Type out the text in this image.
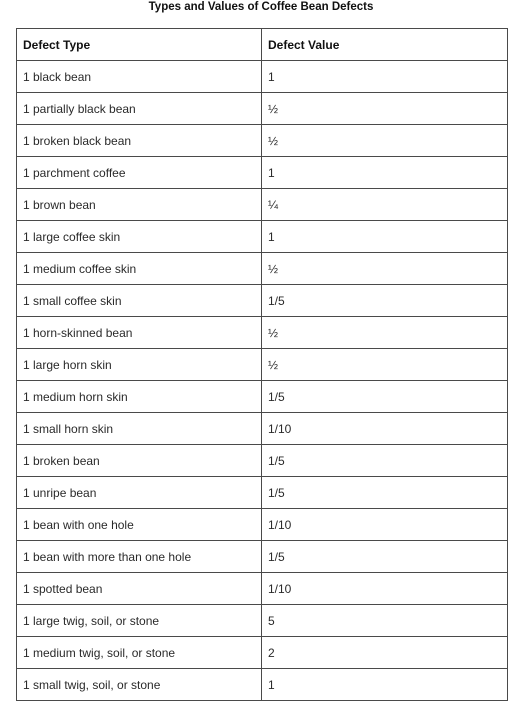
Types and Values of Coffee Bean Defects
Defect Type	Defect Value
1 black bean	1
1 partially black bean	½
1 broken black bean	½
1 parchment coffee	1
1 brown bean	¼
1 large coffee skin	1
1 medium coffee skin	½
1 small coffee skin	1/5
1 horn-skinned bean	½
1 large horn skin	½
1 medium horn skin	1/5
1 small horn skin	1/10
1 broken bean	1/5
1 unripe bean	1/5
1 bean with one hole	1/10
1 bean with more than one hole	1/5
1 spotted bean	1/10
1 large twig, soil, or stone	5
1 medium twig, soil, or stone	2
1 small twig, soil, or stone	1
